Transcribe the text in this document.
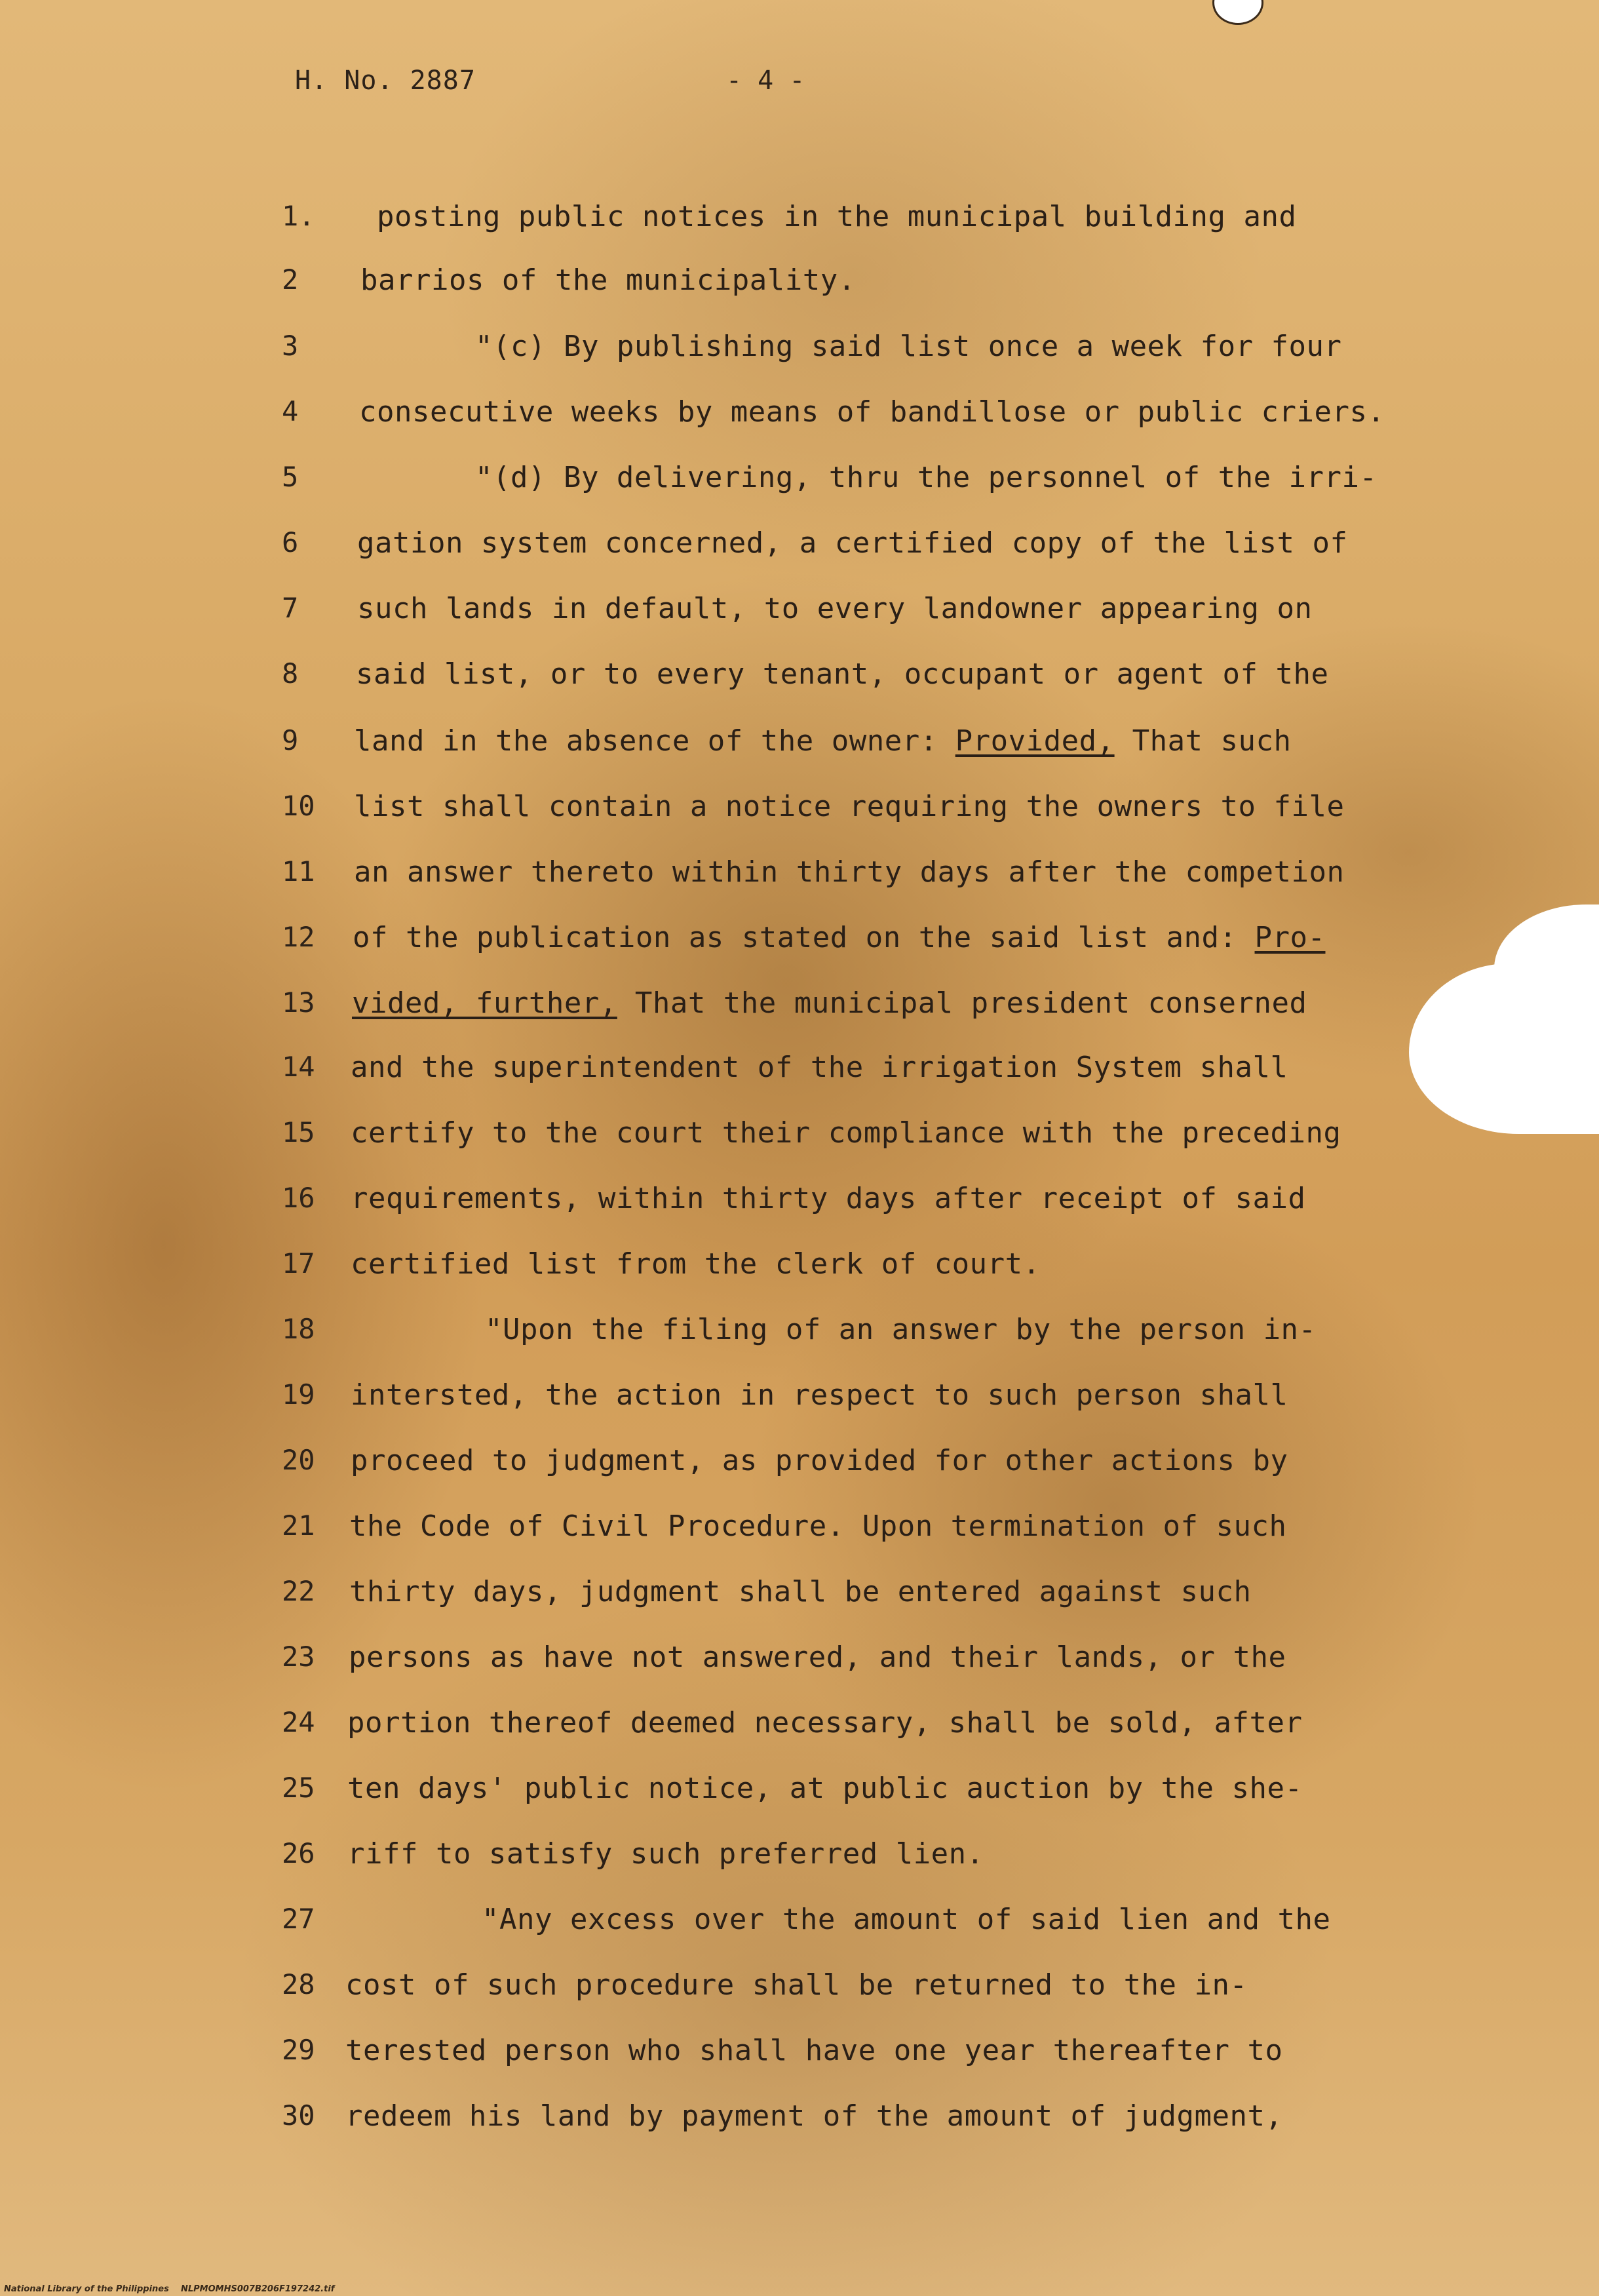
H. No. 2887	- 4 -
1.	posting public notices in the municipal building and
2	barrios of the municipality.
3	"(c) By publishing said list once a week for four
4	consecutive weeks by means of bandillose or public criers.
5	"(d) By delivering, thru the personnel of the irri-
6	gation system concerned, a certified copy of the list of
7	such lands in default, to every landowner appearing on
8	said list, or to every tenant, occupant or agent of the
9	land in the absence of the owner: Provided, That such
10	list shall contain a notice requiring the owners to file
11	an answer thereto within thirty days after the competion
12	of the publication as stated on the said list and: Pro-
13	vided, further, That the municipal president conserned
14	and the superintendent of the irrigation System shall
15	certify to the court their compliance with the preceding
16	requirements, within thirty days after receipt of said
17	certified list from the clerk of court.
18	"Upon the filing of an answer by the person in-
19	intersted, the action in respect to such person shall
20	proceed to judgment, as provided for other actions by
21	the Code of Civil Procedure. Upon termination of such
22	thirty days, judgment shall be entered against such
23	persons as have not answered, and their lands, or the
24	portion thereof deemed necessary, shall be sold, after
25	ten days' public notice, at public auction by the she-
26	riff to satisfy such preferred lien.
27	"Any excess over the amount of said lien and the
28	cost of such procedure shall be returned to the in-
29	terested person who shall have one year thereafter to
30	redeem his land by payment of the amount of judgment,
National Library of the Philippines NLPMOMHS007B206F197242.tif
